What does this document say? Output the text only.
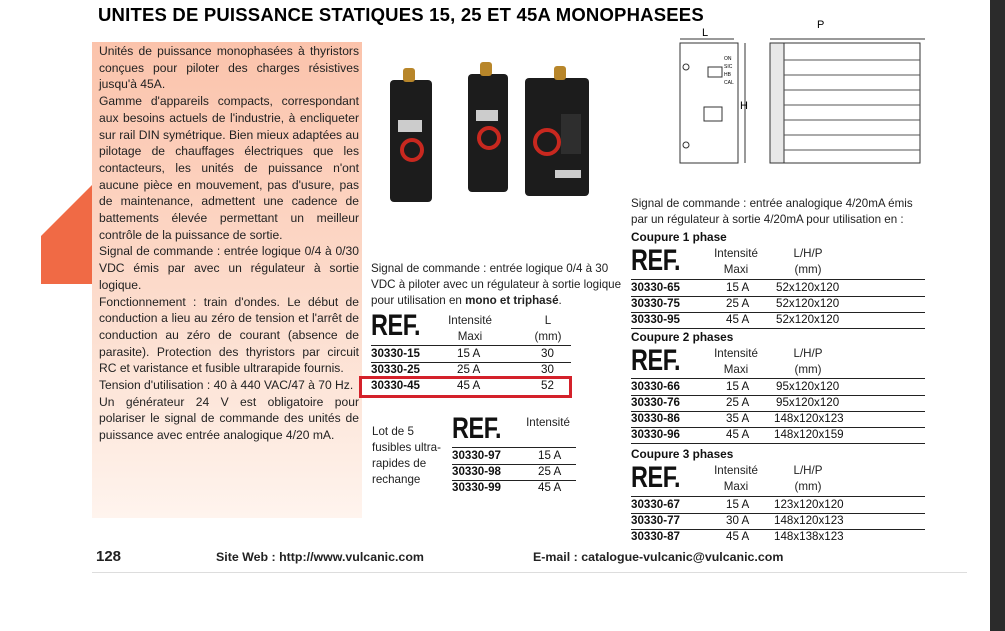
UNITES DE PUISSANCE STATIQUES 15, 25 ET 45A MONOPHASEES

Unités de puissance monophasées à thyristors conçues pour piloter des charges résistives jusqu'à 45A.

Gamme d'appareils compacts, correspondant aux besoins actuels de l'industrie, à encliqueter sur rail DIN symétrique. Bien mieux adaptées au pilotage de chauffages électriques que les contacteurs, les unités de puissance n'ont aucune pièce en mouvement, pas d'usure, pas de maintenance, admettent une cadence de battements élevée permettant un meilleur contrôle de la puissance de sortie.

Signal de commande : entrée logique 0/4 à 0/30 VDC émis par avec un régulateur à sortie logique.

Fonctionnement : train d'ondes. Le début de conduction a lieu au zéro de tension et l'arrêt de conduction au zéro de courant (absence de parasite). Protection des thyristors par circuit RC et varistance et fusible ultrarapide fournis.

Tension d'utilisation : 40 à 440 VAC/47 à 70 Hz.

Un générateur 24 V est obligatoire pour polariser le signal de commande des unités de puissance avec entrée analogique 4/20 mA.

L
ON
SIC
HB
CAL
H
P
Signal de commande : entrée logique 0/4 à 30 VDC à piloter avec un régulateur à sortie logique pour utilisation en mono et triphasé.
REF.	Intensité
Maxi
L
(mm)
30330-15	15 A	30
30330-25	25 A	30
30330-45	45 A	52
Lot de 5 fusibles ultra-rapides de rechange
REF.	Intensité
30330-97	15 A
30330-98	25 A
30330-99	45 A
Signal de commande : entrée analogique 4/20mA émis par un régulateur à sortie 4/20mA pour utilisation en :
Coupure 1 phase
REF.	Intensité
Maxi
L/H/P
(mm)
30330-65	15 A 52x120x120
30330-75	25 A 52x120x120
30330-95	45 A 52x120x120
Coupure 2 phases
REF.	Intensité
Maxi
L/H/P
(mm)
30330-66	15 A 95x120x120
30330-76	25 A 95x120x120
30330-86	35 A 148x120x123
30330-96	45 A 148x120x159
Coupure 3 phases
REF.	Intensité
Maxi
L/H/P
(mm)
30330-67	15 A 123x120x120
30330-77	30 A 148x120x123
30330-87	45 A 148x138x123
128	Site Web : http://www.vulcanic.com	E-mail : catalogue-vulcanic@vulcanic.com
